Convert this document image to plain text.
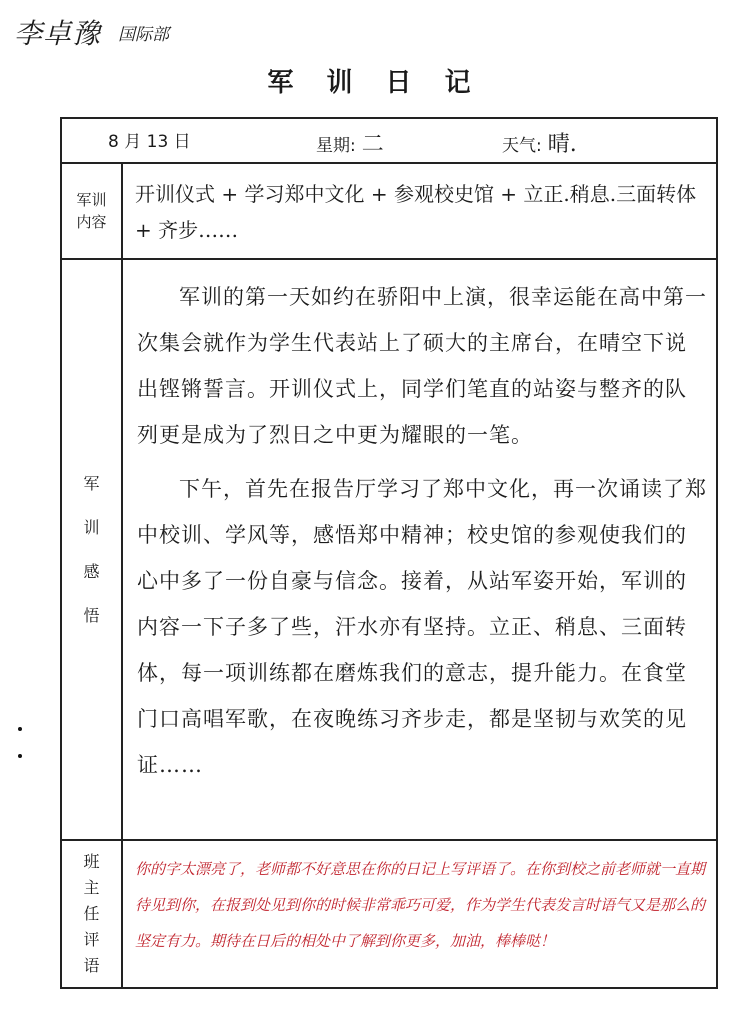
李卓豫 国际部
军 训 日 记
8 月 13 日	星期: 二	天气: 晴.
军训内容
开训仪式 + 学习郑中文化 + 参观校史馆 + 立正.稍息.三面转体 + 齐步……
军训感悟

军训的第一天如约在骄阳中上演，很幸运能在高中第一次集会就作为学生代表站上了硕大的主席台，在晴空下说出铿锵誓言。开训仪式上，同学们笔直的站姿与整齐的队列更是成为了烈日之中更为耀眼的一笔。

下午，首先在报告厅学习了郑中文化，再一次诵读了郑中校训、学风等，感悟郑中精神；校史馆的参观使我们的心中多了一份自豪与信念。接着，从站军姿开始，军训的内容一下子多了些，汗水亦有坚持。立正、稍息、三面转体，每一项训练都在磨炼我们的意志，提升能力。在食堂门口高唱军歌，在夜晚练习齐步走，都是坚韧与欢笑的见证……

班主任评语
你的字太漂亮了，老师都不好意思在你的日记上写评语了。在你到校之前老师就一直期待见到你，在报到处见到你的时候非常乖巧可爱，作为学生代表发言时语气又是那么的坚定有力。期待在日后的相处中了解到你更多，加油，棒棒哒！
